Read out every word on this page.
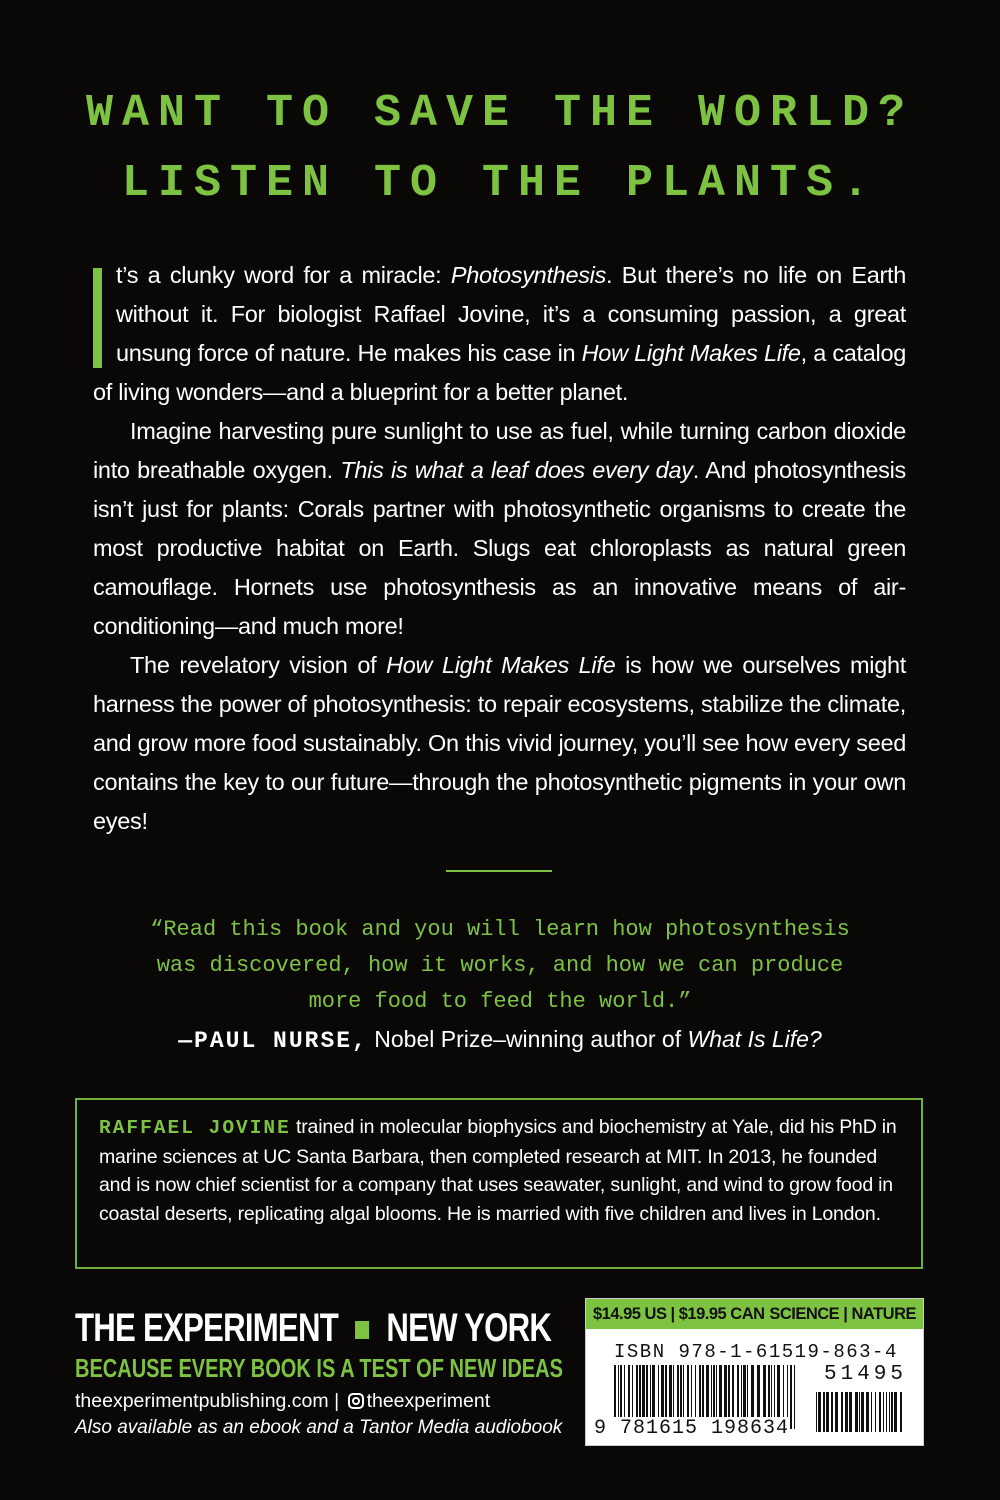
WANT TO SAVE THE WORLD?
LISTEN TO THE PLANTS.

t’s a clunky word for a miracle: Photosynthesis. But there’s no life on Earth without it. For biologist Raffael Jovine, it’s a consuming passion, a great unsung force of nature. He makes his case in How Light Makes Life, a catalog of living wonders—and a blueprint for a better planet.

Imagine harvesting pure sunlight to use as fuel, while turning carbon dioxide into breathable oxygen. This is what a leaf does every day. And photosynthesis isn’t just for plants: Corals partner with photosynthetic organisms to create the most productive habitat on Earth. Slugs eat chloroplasts as natural green camouflage. Hornets use photosynthesis as an innovative means of air-conditioning—and much more!

The revelatory vision of How Light Makes Life is how we ourselves might harness the power of photosynthesis: to repair ecosystems, stabilize the climate, and grow more food sustainably. On this vivid journey, you’ll see how every seed contains the key to our future—through the photosynthetic pigments in your own eyes!

“Read this book and you will learn how photosynthesis
was discovered, how it works, and how we can produce
more food to feed the world.”
—PAUL NURSE, Nobel Prize–winning author of What Is Life?
RAFFAEL JOVINE trained in molecular biophysics and biochemistry at Yale, did his PhD in marine sciences at UC Santa Barbara, then completed research at MIT. In 2013, he founded and is now chief scientist for a company that uses seawater, sunlight, and wind to grow food in coastal deserts, replicating algal blooms. He is married with five children and lives in London.
THE EXPERIMENT NEW YORK
BECAUSE EVERY BOOK IS A TEST OF NEW IDEAS
theexperimentpublishing.com | theexperiment
Also available as an ebook and a Tantor Media audiobook
$14.95 US | $19.95 CAN SCIENCE | NATURE
ISBN 978-1-61519-863-4
51495
9 781615 198634
